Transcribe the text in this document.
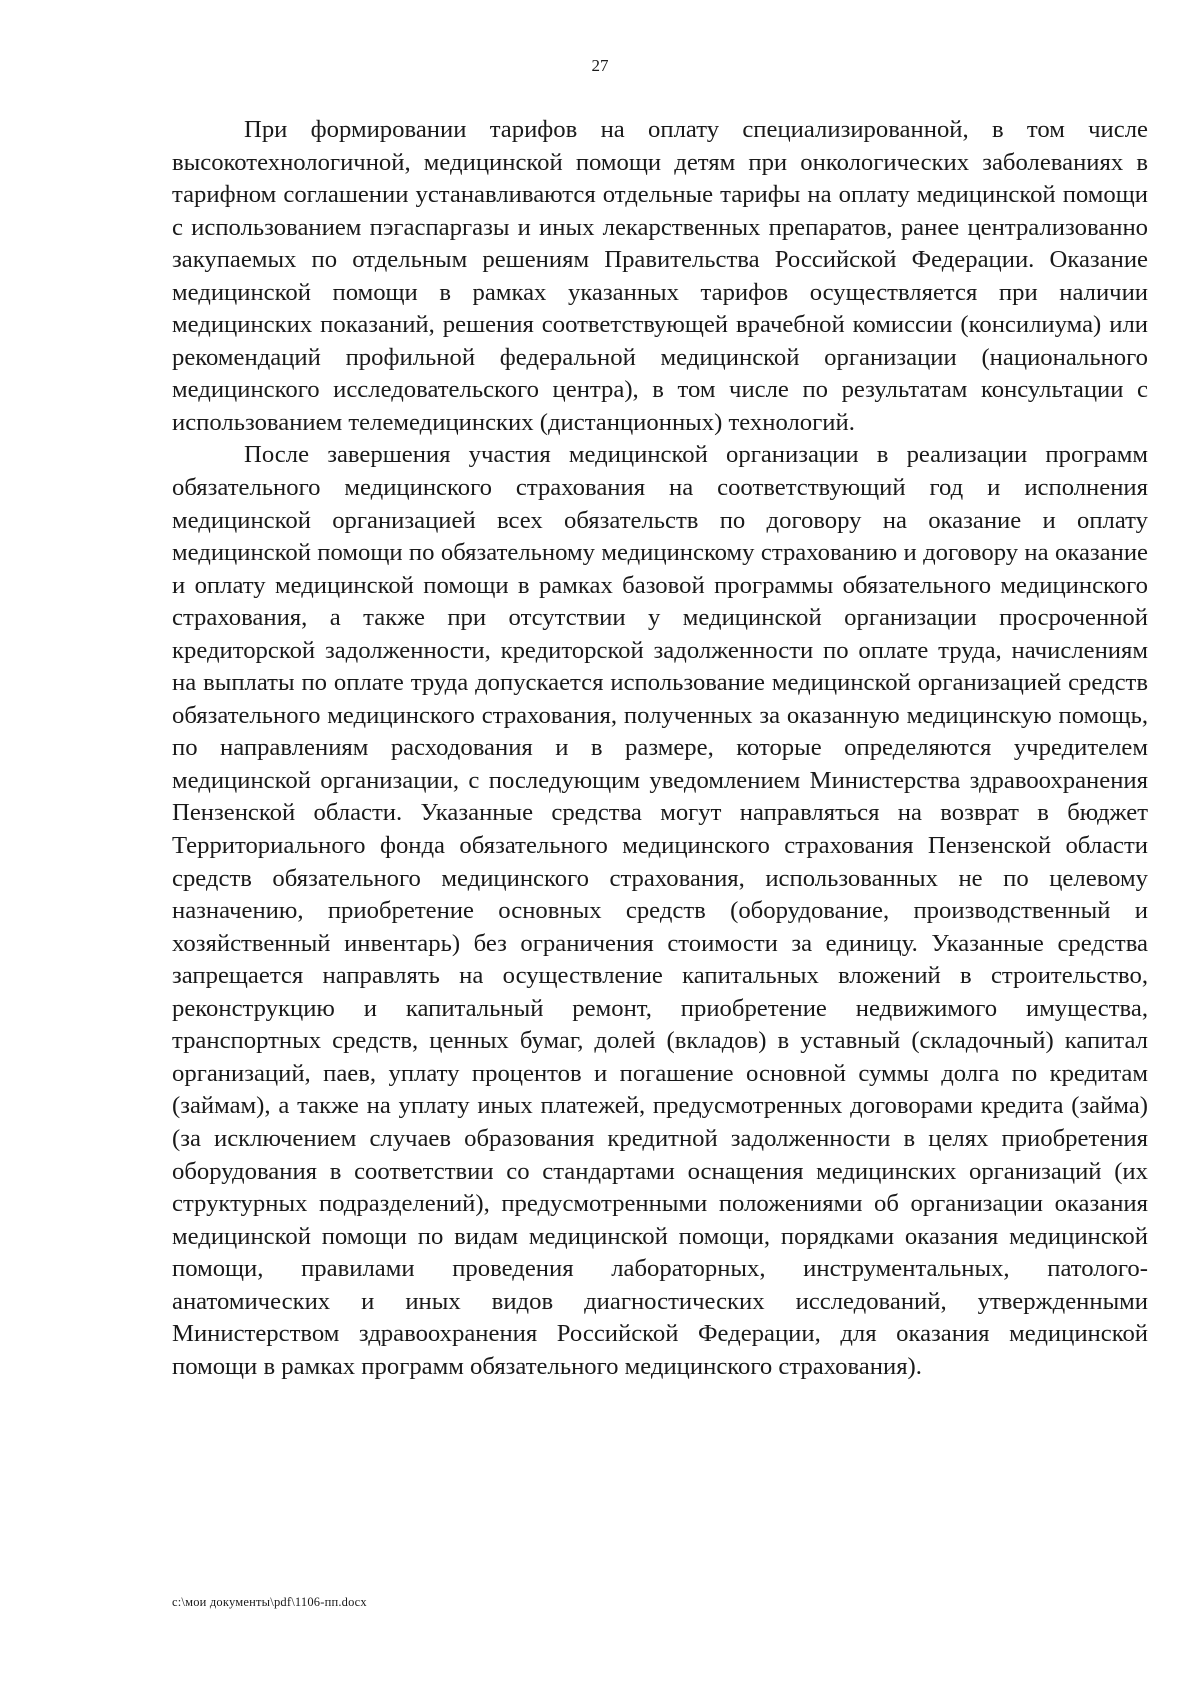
27

При формировании тарифов на оплату специализированной, в том числе высокотехнологичной, медицинской помощи детям при онкологических заболеваниях в тарифном соглашении устанавливаются отдельные тарифы на оплату медицинской помощи с использованием пэгаспаргазы и иных лекарственных препаратов, ранее централизованно закупаемых по отдельным решениям Правительства Российской Федерации. Оказание медицинской помощи в рамках указанных тарифов осуществляется при наличии медицинских показаний, решения соответствующей врачебной комиссии (консилиума) или рекомендаций профильной федеральной медицинской организации (национального медицинского исследовательского центра), в том числе по результатам консультации с использованием телемедицинских (дистанционных) технологий.

После завершения участия медицинской организации в реализации программ обязательного медицинского страхования на соответствующий год и исполнения медицинской организацией всех обязательств по договору на оказание и оплату медицинской помощи по обязательному медицинскому страхованию и договору на оказание и оплату медицинской помощи в рамках базовой программы обязательного медицинского страхования, а также при отсутствии у медицинской организации просроченной кредиторской задолженности, кредиторской задолженности по оплате труда, начислениям на выплаты по оплате труда допускается использование медицинской организацией средств обязательного медицинского страхования, полученных за оказанную медицинскую помощь, по направлениям расходования и в размере, которые определяются учредителем медицинской организации, с последующим уведомлением Министерства здравоохранения Пензенской области. Указанные средства могут направляться на возврат в бюджет Территориального фонда обязательного медицинского страхования Пензенской области средств обязательного медицинского страхования, использованных не по целевому назначению, приобретение основных средств (оборудование, производственный и хозяйственный инвентарь) без ограничения стоимости за единицу. Указанные средства запрещается направлять на осуществление капитальных вложений в строительство, реконструкцию и капитальный ремонт, приобретение недвижимого имущества, транспортных средств, ценных бумаг, долей (вкладов) в уставный (складочный) капитал организаций, паев, уплату процентов и погашение основной суммы долга по кредитам (займам), а также на уплату иных платежей, предусмотренных договорами кредита (займа) (за исключением случаев образования кредитной задолженности в целях приобретения оборудования в соответствии со стандартами оснащения медицинских организаций (их структурных подразделений), предусмотренными положениями об организации оказания медицинской помощи по видам медицинской помощи, порядками оказания медицинской помощи, правилами проведения лабораторных, инструментальных, патолого-анатомических и иных видов диагностических исследований, утвержденными Министерством здравоохранения Российской Федерации, для оказания медицинской помощи в рамках программ обязательного медицинского страхования).

c:\мои документы\pdf\1106-пп.docx
